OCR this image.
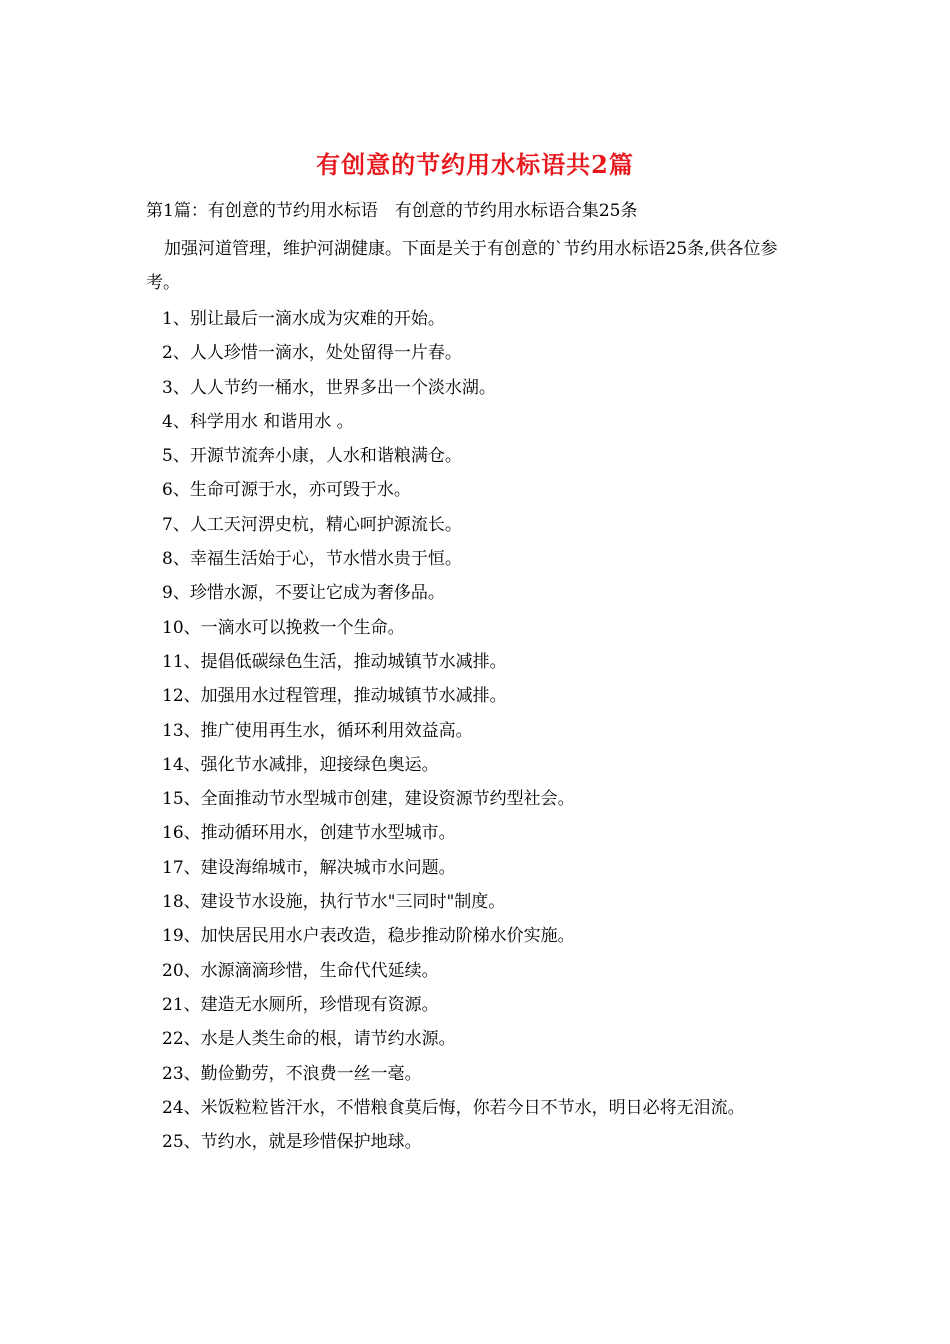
有创意的节约用水标语共2篇
第1篇：有创意的节约用水标语　有创意的节约用水标语合集25条
加强河道管理，维护河湖健康。下面是关于有创意的`节约用水标语25条,供各位参考。
1、别让最后一滴水成为灾难的开始。
2、人人珍惜一滴水，处处留得一片春。
3、人人节约一桶水，世界多出一个淡水湖。
4、科学用水 和谐用水 。
5、开源节流奔小康，人水和谐粮满仓。
6、生命可源于水，亦可毁于水。
7、人工天河淠史杭，精心呵护源流长。
8、幸福生活始于心，节水惜水贵于恒。
9、珍惜水源，不要让它成为奢侈品。
10、一滴水可以挽救一个生命。
11、提倡低碳绿色生活，推动城镇节水减排。
12、加强用水过程管理，推动城镇节水减排。
13、推广使用再生水，循环利用效益高。
14、强化节水减排，迎接绿色奥运。
15、全面推动节水型城市创建，建设资源节约型社会。
16、推动循环用水，创建节水型城市。
17、建设海绵城市，解决城市水问题。
18、建设节水设施，执行节水"三同时"制度。
19、加快居民用水户表改造，稳步推动阶梯水价实施。
20、水源滴滴珍惜，生命代代延续。
21、建造无水厕所，珍惜现有资源。
22、水是人类生命的根，请节约水源。
23、勤俭勤劳，不浪费一丝一毫。
24、米饭粒粒皆汗水，不惜粮食莫后悔，你若今日不节水，明日必将无泪流。
25、节约水，就是珍惜保护地球。
